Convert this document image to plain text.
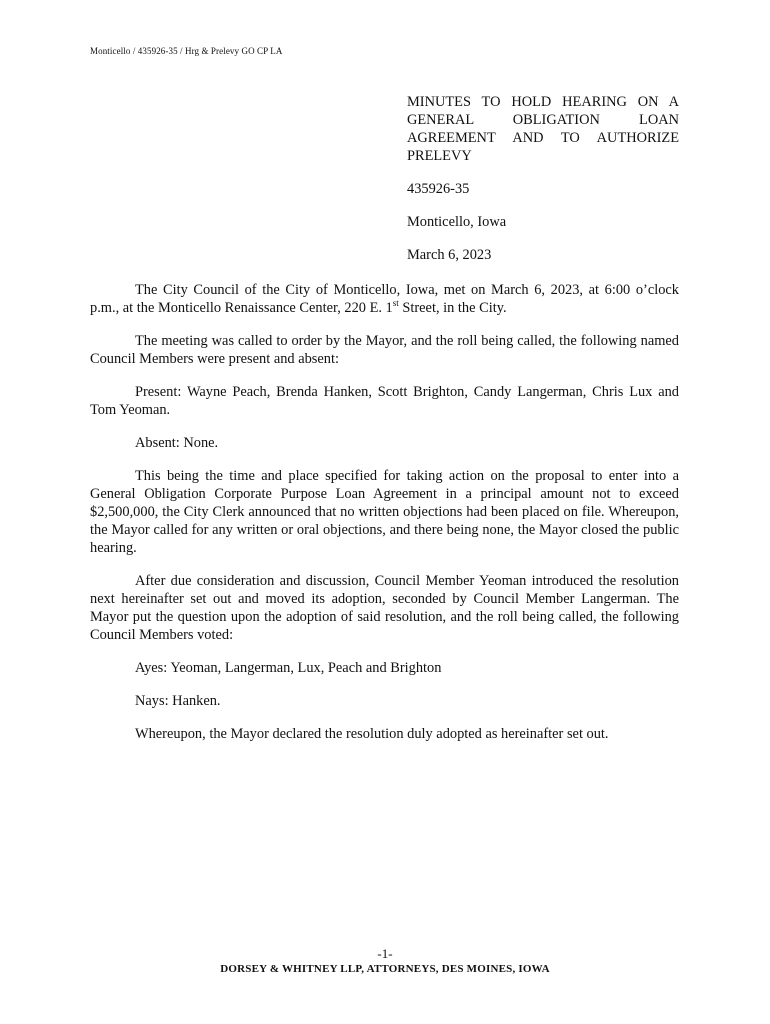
Monticello / 435926-35 / Hrg & Prelevy GO CP LA

MINUTES TO HOLD HEARING ON A GENERAL OBLIGATION LOAN AGREEMENT AND TO AUTHORIZE PRELEVY

435926-35

Monticello, Iowa

March 6, 2023

The City Council of the City of Monticello, Iowa, met on March 6, 2023, at 6:00 o’clock p.m., at the Monticello Renaissance Center, 220 E. 1st Street, in the City.

The meeting was called to order by the Mayor, and the roll being called, the following named Council Members were present and absent:

Present: Wayne Peach, Brenda Hanken, Scott Brighton, Candy Langerman, Chris Lux and Tom Yeoman.

Absent: None.

This being the time and place specified for taking action on the proposal to enter into a General Obligation Corporate Purpose Loan Agreement in a principal amount not to exceed $2,500,000, the City Clerk announced that no written objections had been placed on file. Whereupon, the Mayor called for any written or oral objections, and there being none, the Mayor closed the public hearing.

After due consideration and discussion, Council Member Yeoman introduced the resolution next hereinafter set out and moved its adoption, seconded by Council Member Langerman. The Mayor put the question upon the adoption of said resolution, and the roll being called, the following Council Members voted:

Ayes: Yeoman, Langerman, Lux, Peach and Brighton

Nays: Hanken.

Whereupon, the Mayor declared the resolution duly adopted as hereinafter set out.

-1-
DORSEY & WHITNEY LLP, ATTORNEYS, DES MOINES, IOWA
